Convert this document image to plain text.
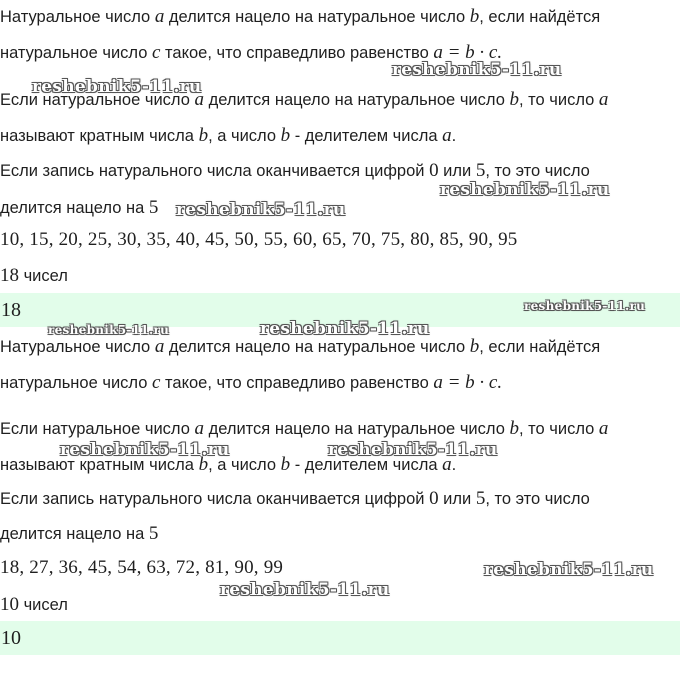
Натуральное число a делится нацело на натуральное число b, если найдётся
натуральное число c такое, что справедливо равенство a = b · c.
Если натуральное число a делится нацело на натуральное число b, то число a
называют кратным числа b, а число b - делителем числа a.
Если запись натурального числа оканчивается цифрой 0 или 5, то это число
делится нацело на 5
10, 15, 20, 25, 30, 35, 40, 45, 50, 55, 60, 65, 70, 75, 80, 85, 90, 95
18 чисел
18
Натуральное число a делится нацело на натуральное число b, если найдётся
натуральное число c такое, что справедливо равенство a = b · c.
Если натуральное число a делится нацело на натуральное число b, то число a
называют кратным числа b, а число b - делителем числа a.
Если запись натурального числа оканчивается цифрой 0 или 5, то это число
делится нацело на 5
18, 27, 36, 45, 54, 63, 72, 81, 90, 99
10 чисел
10
reshebnik5-11.ru
reshebnik5-11.ru
reshebnik5-11.ru
reshebnik5-11.ru
reshebnik5-11.ru
reshebnik5-11.ru	reshebnik5-11.ru
reshebnik5-11.ru	reshebnik5-11.ru
reshebnik5-11.ru
reshebnik5-11.ru
